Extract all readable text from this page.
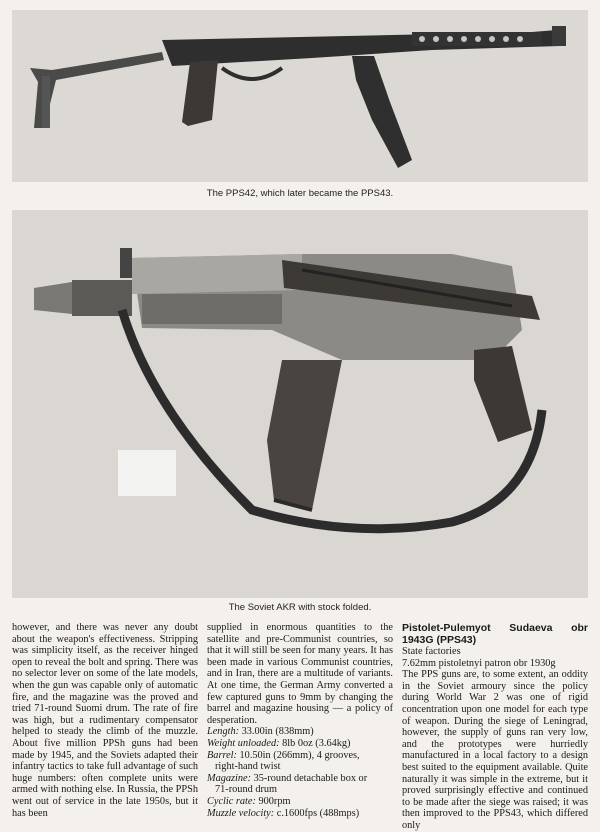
The PPS42, which later became the PPS43.
The Soviet AKR with stock folded.

however, and there was never any doubt about the weapon's effectiveness. Stripping was simplicity itself, as the receiver hinged open to reveal the bolt and spring. There was no selector lever on some of the late models, when the gun was capable only of automatic fire, and the magazine was the proved and tried 71-round Suomi drum. The rate of fire was high, but a rudimentary compensator helped to steady the climb of the muzzle. About five million PPSh guns had been made by 1945, and the Soviets adapted their infantry tactics to take full advantage of such huge numbers: often complete units were armed with nothing else. In Russia, the PPSh went out of service in the late 1950s, but it has been

supplied in enormous quantities to the satellite and pre-Communist countries, so that it will still be seen for many years. It has been made in various Communist countries, and in Iran, there are a multitude of variants. At one time, the German Army converted a few captured guns to 9mm by changing the barrel and magazine housing — a policy of desperation.

Length: 33.00in (838mm)

Weight unloaded: 8lb 0oz (3.64kg)

Barrel: 10.50in (266mm), 4 grooves,

right-hand twist

Magazine: 35-round detachable box or

71-round drum

Cyclic rate: 900rpm

Muzzle velocity: c.1600fps (488mps)

Pistolet-Pulemyot Sudaeva obr 1943G (PPS43)

State factories

7.62mm pistoletnyi patron obr 1930g

The PPS guns are, to some extent, an oddity in the Soviet armoury since the policy during World War 2 was one of rigid concentration upon one model for each type of weapon. During the siege of Leningrad, however, the supply of guns ran very low, and the prototypes were hurriedly manufactured in a local factory to a design best suited to the equipment available. Quite naturally it was simple in the extreme, but it proved surprisingly effective and continued to be made after the siege was raised; it was then improved to the PPS43, which differed only
